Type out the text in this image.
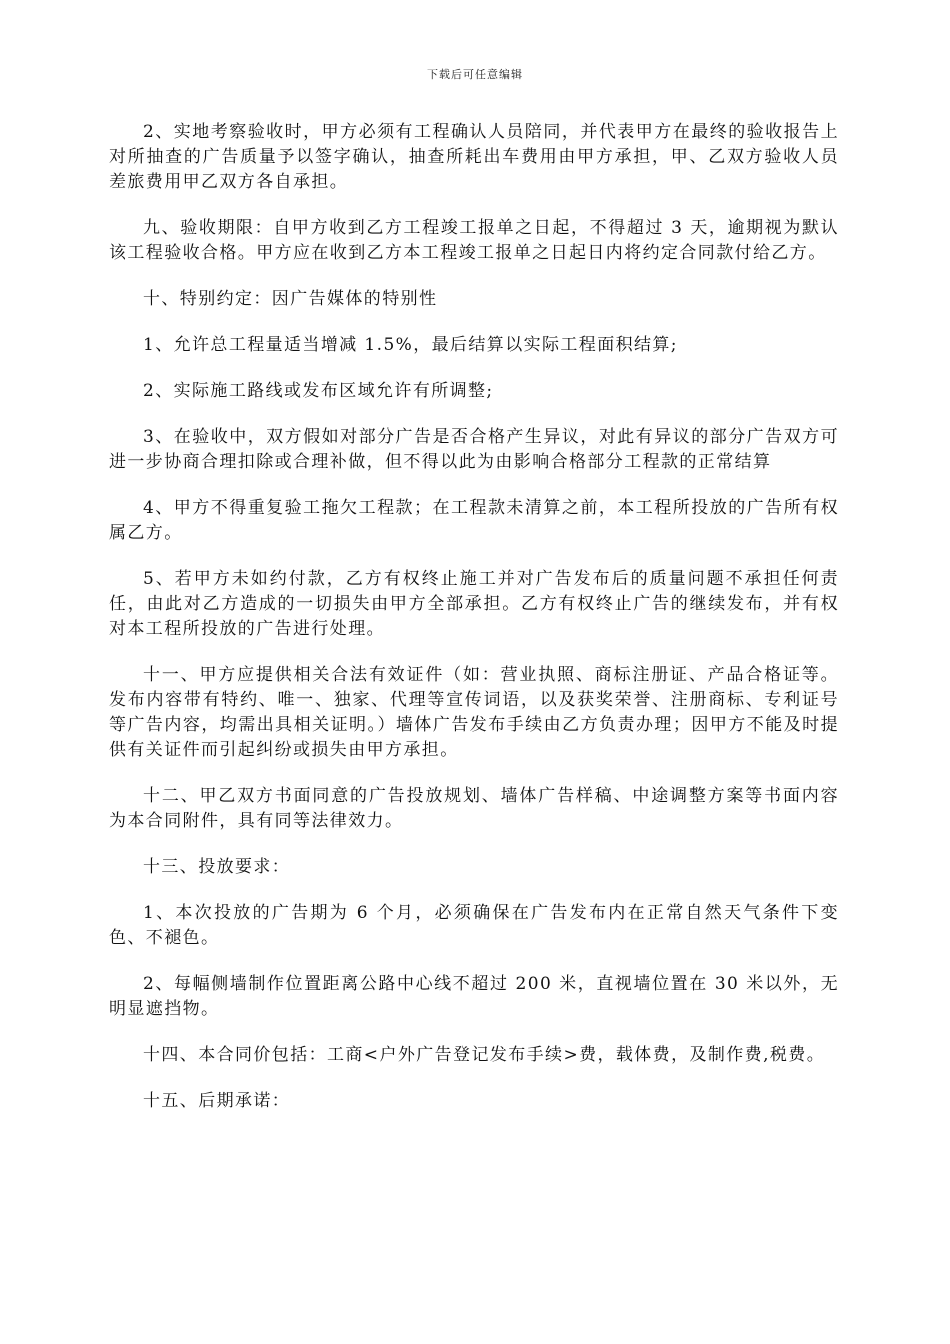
下载后可任意编辑

2、实地考察验收时，甲方必须有工程确认人员陪同，并代表甲方在最终的验收报告上对所抽查的广告质量予以签字确认，抽查所耗出车费用由甲方承担，甲、乙双方验收人员差旅费用甲乙双方各自承担。

九、验收期限：自甲方收到乙方工程竣工报单之日起，不得超过 3 天，逾期视为默认该工程验收合格。甲方应在收到乙方本工程竣工报单之日起日内将约定合同款付给乙方。

十、特别约定：因广告媒体的特别性

1、允许总工程量适当增减 1.5%，最后结算以实际工程面积结算;

2、实际施工路线或发布区域允许有所调整;

3、在验收中，双方假如对部分广告是否合格产生异议，对此有异议的部分广告双方可进一步协商合理扣除或合理补做，但不得以此为由影响合格部分工程款的正常结算

4、甲方不得重复验工拖欠工程款；在工程款未清算之前，本工程所投放的广告所有权属乙方。

5、若甲方未如约付款，乙方有权终止施工并对广告发布后的质量问题不承担任何责任，由此对乙方造成的一切损失由甲方全部承担。乙方有权终止广告的继续发布，并有权对本工程所投放的广告进行处理。

十一、甲方应提供相关合法有效证件（如：营业执照、商标注册证、产品合格证等。发布内容带有特约、唯一、独家、代理等宣传词语，以及获奖荣誉、注册商标、专利证号等广告内容，均需出具相关证明。）墙体广告发布手续由乙方负责办理；因甲方不能及时提供有关证件而引起纠纷或损失由甲方承担。

十二、甲乙双方书面同意的广告投放规划、墙体广告样稿、中途调整方案等书面内容为本合同附件，具有同等法律效力。

十三、投放要求：

1、本次投放的广告期为 6 个月，必须确保在广告发布内在正常自然天气条件下变色、不褪色。

2、每幅侧墙制作位置距离公路中心线不超过 200 米，直视墙位置在 30 米以外，无明显遮挡物。

十四、本合同价包括：工商<户外广告登记发布手续>费，载体费，及制作费,税费。

十五、后期承诺：
